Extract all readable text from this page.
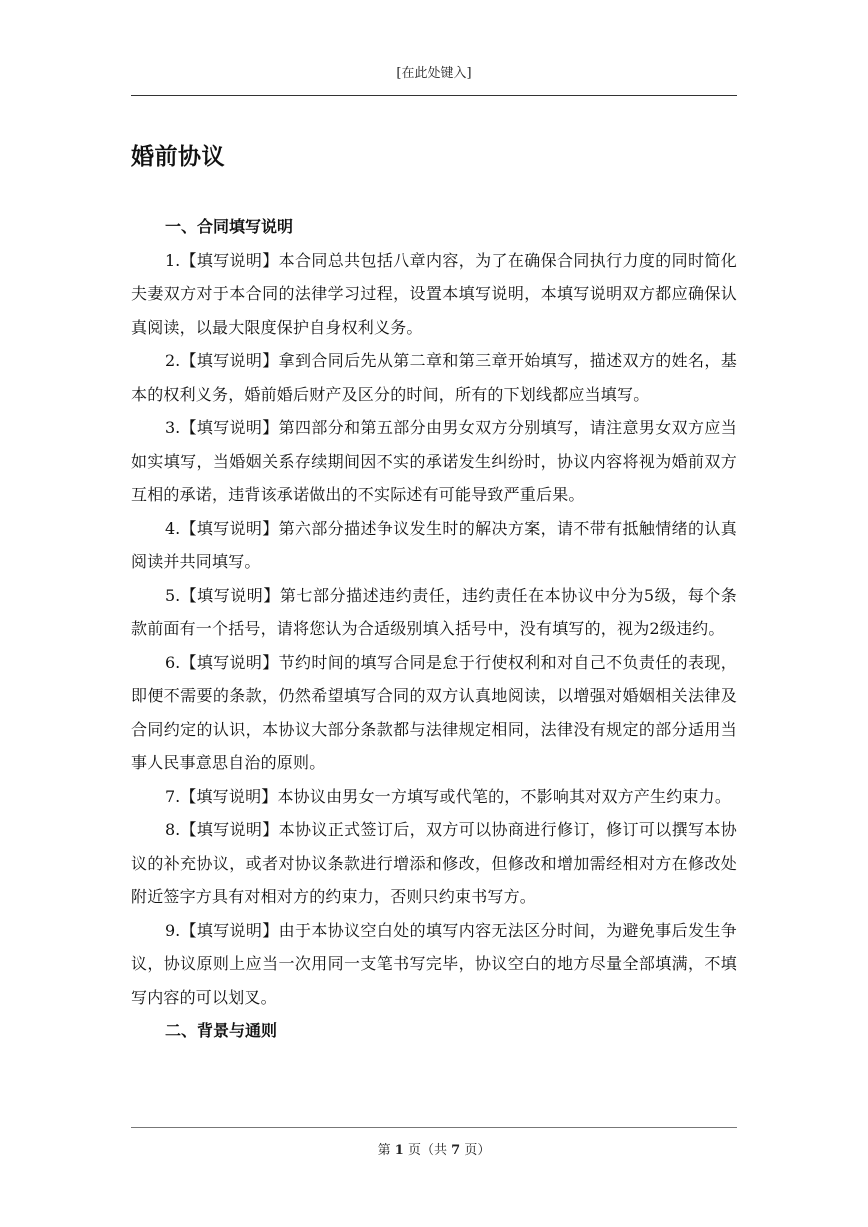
[在此处键入]
婚前协议
一、合同填写说明

1.【填写说明】本合同总共包括八章内容，为了在确保合同执行力度的同时简化夫妻双方对于本合同的法律学习过程，设置本填写说明，本填写说明双方都应确保认真阅读，以最大限度保护自身权利义务。

2.【填写说明】拿到合同后先从第二章和第三章开始填写，描述双方的姓名，基本的权利义务，婚前婚后财产及区分的时间，所有的下划线都应当填写。

3.【填写说明】第四部分和第五部分由男女双方分别填写，请注意男女双方应当如实填写，当婚姻关系存续期间因不实的承诺发生纠纷时，协议内容将视为婚前双方互相的承诺，违背该承诺做出的不实际述有可能导致严重后果。

4.【填写说明】第六部分描述争议发生时的解决方案，请不带有抵触情绪的认真阅读并共同填写。

5.【填写说明】第七部分描述违约责任，违约责任在本协议中分为5级，每个条款前面有一个括号，请将您认为合适级别填入括号中，没有填写的，视为2级违约。

6.【填写说明】节约时间的填写合同是怠于行使权利和对自己不负责任的表现，即便不需要的条款，仍然希望填写合同的双方认真地阅读，以增强对婚姻相关法律及合同约定的认识，本协议大部分条款都与法律规定相同，法律没有规定的部分适用当事人民事意思自治的原则。

7.【填写说明】本协议由男女一方填写或代笔的，不影响其对双方产生约束力。

8.【填写说明】本协议正式签订后，双方可以协商进行修订，修订可以撰写本协议的补充协议，或者对协议条款进行增添和修改，但修改和增加需经相对方在修改处附近签字方具有对相对方的约束力，否则只约束书写方。

9.【填写说明】由于本协议空白处的填写内容无法区分时间，为避免事后发生争议，协议原则上应当一次用同一支笔书写完毕，协议空白的地方尽量全部填满，不填写内容的可以划叉。

二、背景与通则
第 1 页（共 7 页）
